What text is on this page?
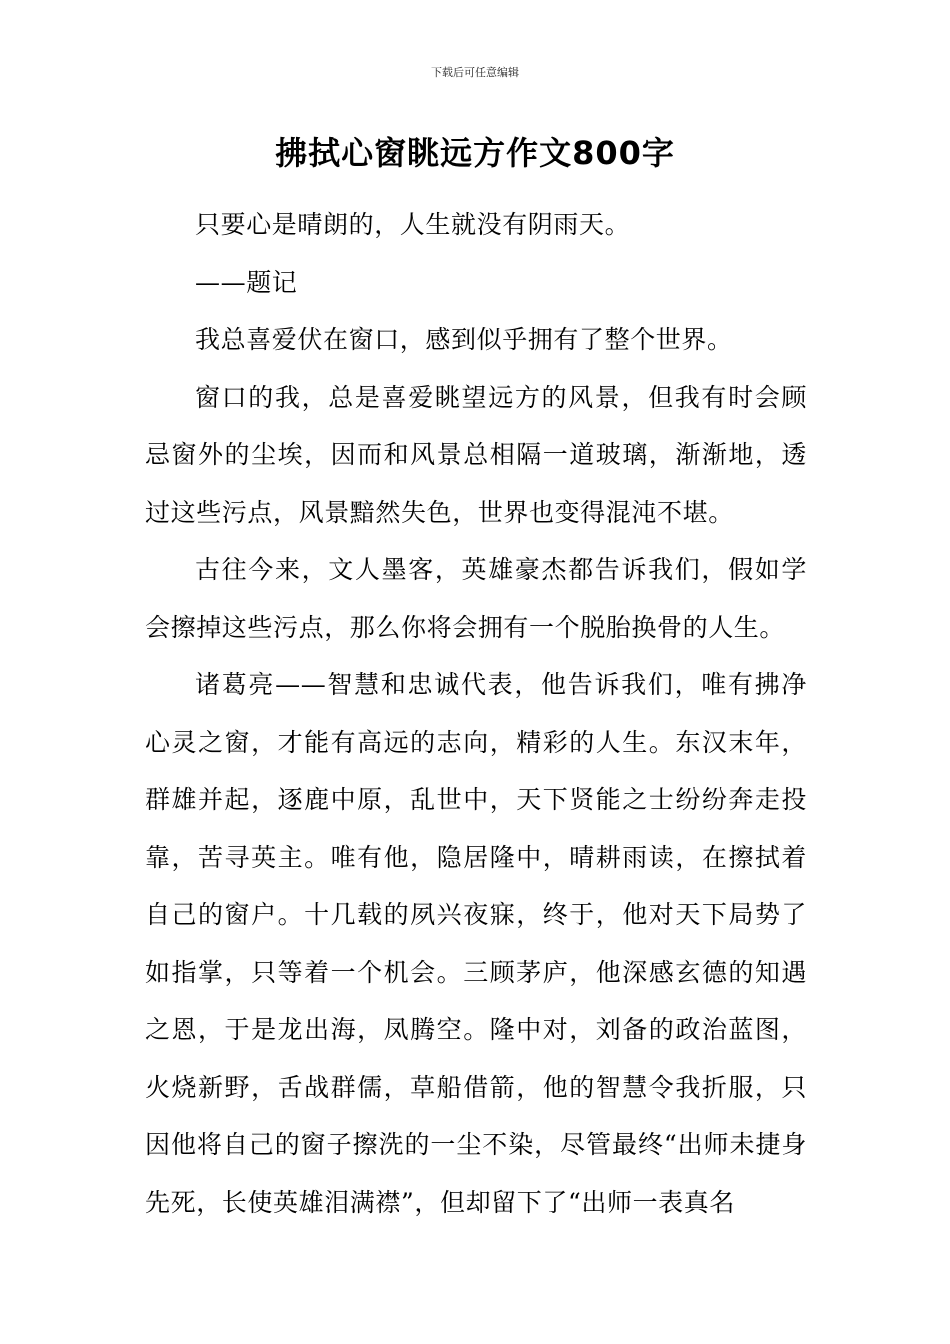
下载后可任意编辑
拂拭心窗眺远方作文800字

只要心是晴朗的，人生就没有阴雨天。

——题记

我总喜爱伏在窗口，感到似乎拥有了整个世界。

窗口的我，总是喜爱眺望远方的风景，但我有时会顾忌窗外的尘埃，因而和风景总相隔一道玻璃，渐渐地，透过这些污点，风景黯然失色，世界也变得混沌不堪。

古往今来，文人墨客，英雄豪杰都告诉我们，假如学会擦掉这些污点，那么你将会拥有一个脱胎换骨的人生。

诸葛亮——智慧和忠诚代表，他告诉我们，唯有拂净心灵之窗，才能有高远的志向，精彩的人生。东汉末年，群雄并起，逐鹿中原，乱世中，天下贤能之士纷纷奔走投靠，苦寻英主。唯有他，隐居隆中，晴耕雨读，在擦拭着自己的窗户。十几载的夙兴夜寐，终于，他对天下局势了如指掌，只等着一个机会。三顾茅庐，他深感玄德的知遇之恩，于是龙出海，凤腾空。隆中对，刘备的政治蓝图，火烧新野，舌战群儒，草船借箭，他的智慧令我折服，只因他将自己的窗子擦洗的一尘不染，尽管最终“出师未捷身先死，长使英雄泪满襟”，但却留下了“出师一表真名
